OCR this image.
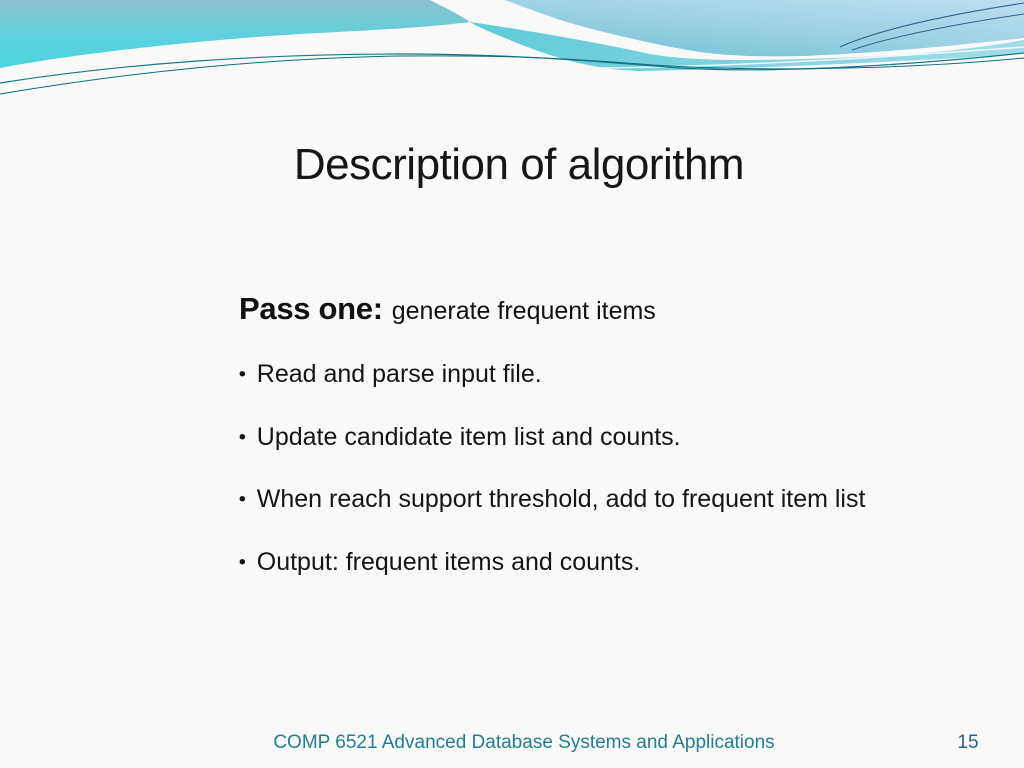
Description of algorithm
Pass one: generate frequent items
• Read and parse input file.
• Update candidate item list and counts.
• When reach support threshold, add to frequent item list
• Output: frequent items and counts.
COMP 6521 Advanced Database Systems and Applications	15
